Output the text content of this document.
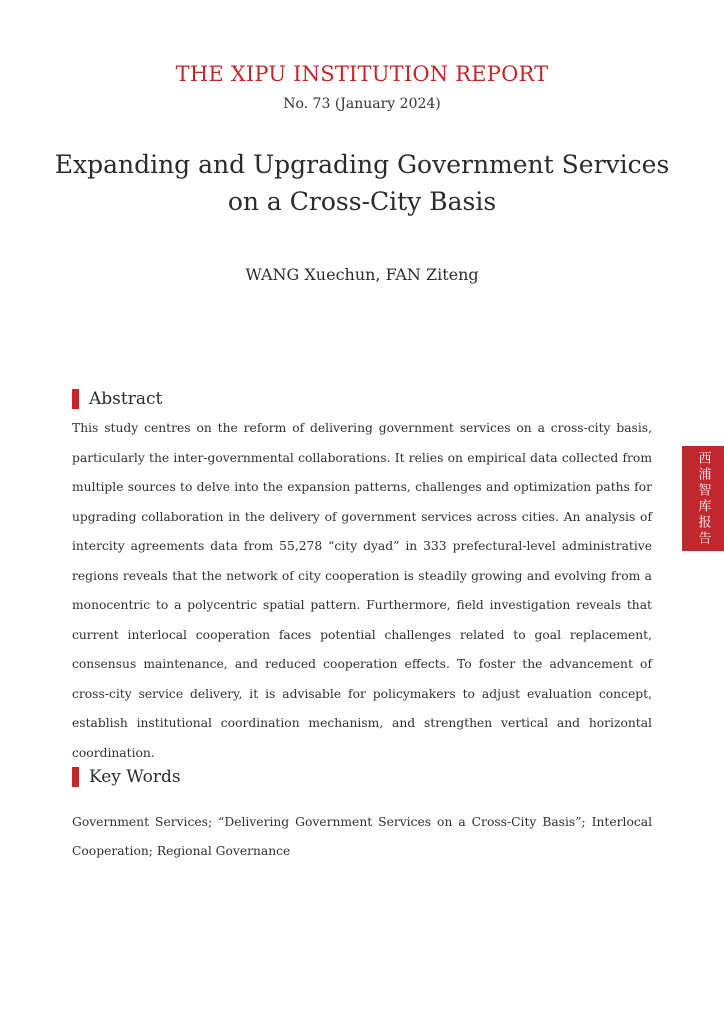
THE XIPU INSTITUTION REPORT
No. 73 (January 2024)
Expanding and Upgrading Government Services
on a Cross-City Basis
WANG Xuechun, FAN Ziteng
Abstract
This study centres on the reform of delivering government services on a cross-city basis, particularly the inter-governmental collaborations. It relies on empirical data collected from multiple sources to delve into the expansion patterns, challenges and optimization paths for upgrading collaboration in the delivery of government services across cities. An analysis of intercity agreements data from 55,278 “city dyad” in 333 prefectural-level administrative regions reveals that the network of city cooperation is steadily growing and evolving from a monocentric to a polycentric spatial pattern. Furthermore, field investigation reveals that current interlocal cooperation faces potential challenges related to goal replacement, consensus maintenance, and reduced cooperation effects. To foster the advancement of cross-city service delivery, it is advisable for policymakers to adjust evaluation concept, establish institutional coordination mechanism, and strengthen vertical and horizontal coordination.
Key Words
Government Services; “Delivering Government Services on a Cross-City Basis”; Interlocal Cooperation; Regional Governance
西浦智库报告
